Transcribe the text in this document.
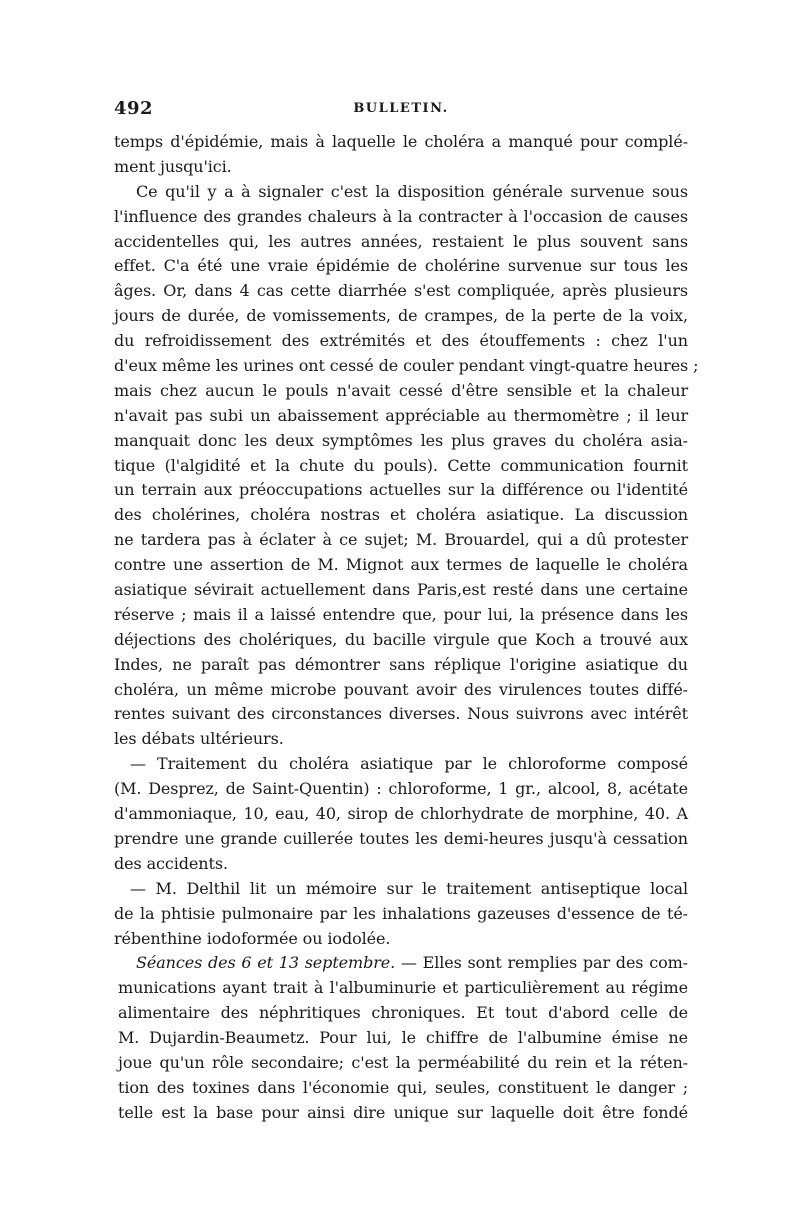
492	BULLETIN.
temps d'épidémie, mais à laquelle le choléra a manqué pour complé-
ment jusqu'ici.
Ce qu'il y a à signaler c'est la disposition générale survenue sous
l'influence des grandes chaleurs à la contracter à l'occasion de causes
accidentelles qui, les autres années, restaient le plus souvent sans
effet. C'a été une vraie épidémie de cholérine survenue sur tous les
âges. Or, dans 4 cas cette diarrhée s'est compliquée, après plusieurs
jours de durée, de vomissements, de crampes, de la perte de la voix,
du refroidissement des extrémités et des étouffements : chez l'un
d'eux même les urines ont cessé de couler pendant vingt-quatre heures ;
mais chez aucun le pouls n'avait cessé d'être sensible et la chaleur
n'avait pas subi un abaissement appréciable au thermomètre ; il leur
manquait donc les deux symptômes les plus graves du choléra asia-
tique (l'algidité et la chute du pouls). Cette communication fournit
un terrain aux préoccupations actuelles sur la différence ou l'identité
des cholérines, choléra nostras et choléra asiatique. La discussion
ne tardera pas à éclater à ce sujet; M. Brouardel, qui a dû protester
contre une assertion de M. Mignot aux termes de laquelle le choléra
asiatique sévirait actuellement dans Paris,est resté dans une certaine
réserve ; mais il a laissé entendre que, pour lui, la présence dans les
déjections des cholériques, du bacille virgule que Koch a trouvé aux
Indes, ne paraît pas démontrer sans réplique l'origine asiatique du
choléra, un même microbe pouvant avoir des virulences toutes diffé-
rentes suivant des circonstances diverses. Nous suivrons avec intérêt
les débats ultérieurs.
— Traitement du choléra asiatique par le chloroforme composé
(M. Desprez, de Saint-Quentin) : chloroforme, 1 gr., alcool, 8, acétate
d'ammoniaque, 10, eau, 40, sirop de chlorhydrate de morphine, 40. A
prendre une grande cuillerée toutes les demi-heures jusqu'à cessation
des accidents.
— M. Delthil lit un mémoire sur le traitement antiseptique local
de la phtisie pulmonaire par les inhalations gazeuses d'essence de té-
rébenthine iodoformée ou iodolée.
Séances des 6 et 13 septembre. — Elles sont remplies par des com-
munications ayant trait à l'albuminurie et particulièrement au régime
alimentaire des néphritiques chroniques. Et tout d'abord celle de
M. Dujardin-Beaumetz. Pour lui, le chiffre de l'albumine émise ne
joue qu'un rôle secondaire; c'est la perméabilité du rein et la réten-
tion des toxines dans l'économie qui, seules, constituent le danger ;
telle est la base pour ainsi dire unique sur laquelle doit être fondé
